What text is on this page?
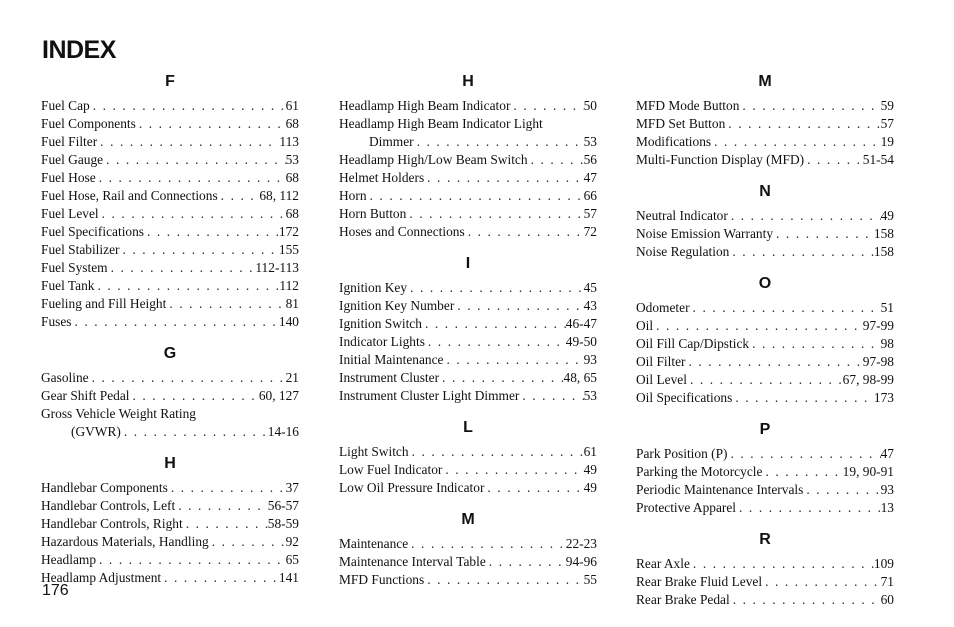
INDEX
F
Fuel Cap . . .	61
Fuel Components . . .	68
Fuel Filter . . .	113
Fuel Gauge . . .	53
Fuel Hose . . .	68
Fuel Hose, Rail and Connections . . .	68, 112
Fuel Level . . .	68
Fuel Specifications . . .	172
Fuel Stabilizer . . .	155
Fuel System . . .	112-113
Fuel Tank . . .	112
Fueling and Fill Height . . .	81
Fuses . . .	140
G
Gasoline . . .	21
Gear Shift Pedal . . .	60, 127
Gross Vehicle Weight Rating
(GVWR) . . .	14-16
H
Handlebar Components . . .	37
Handlebar Controls, Left . . .	56-57
Handlebar Controls, Right . . .	58-59
Hazardous Materials, Handling . . .	92
Headlamp . . .	65
Headlamp Adjustment . . .	141
H
Headlamp High Beam Indicator . . .	50
Headlamp High Beam Indicator Light
Dimmer . . .	53
Headlamp High/Low Beam Switch . . .	56
Helmet Holders . . .	47
Horn . . .	66
Horn Button . . .	57
Hoses and Connections . . .	72
I
Ignition Key . . .	45
Ignition Key Number . . .	43
Ignition Switch . . .	46-47
Indicator Lights . . .	49-50
Initial Maintenance . . .	93
Instrument Cluster . . .	48, 65
Instrument Cluster Light Dimmer . . .	53
L
Light Switch . . .	61
Low Fuel Indicator . . .	49
Low Oil Pressure Indicator . . .	49
M
Maintenance . . .	22-23
Maintenance Interval Table . . .	94-96
MFD Functions . . .	55
M
MFD Mode Button . . .	59
MFD Set Button . . .	57
Modifications . . .	19
Multi-Function Display (MFD) . . .	51-54
N
Neutral Indicator . . .	49
Noise Emission Warranty . . .	158
Noise Regulation . . .	158
O
Odometer . . .	51
Oil . . .	97-99
Oil Fill Cap/Dipstick . . .	98
Oil Filter . . .	97-98
Oil Level . . .	67, 98-99
Oil Specifications . . .	173
P
Park Position (P) . . .	47
Parking the Motorcycle . . .	19, 90-91
Periodic Maintenance Intervals . . .	93
Protective Apparel . . .	13
R
Rear Axle . . .	109
Rear Brake Fluid Level . . .	71
Rear Brake Pedal . . .	60
176
